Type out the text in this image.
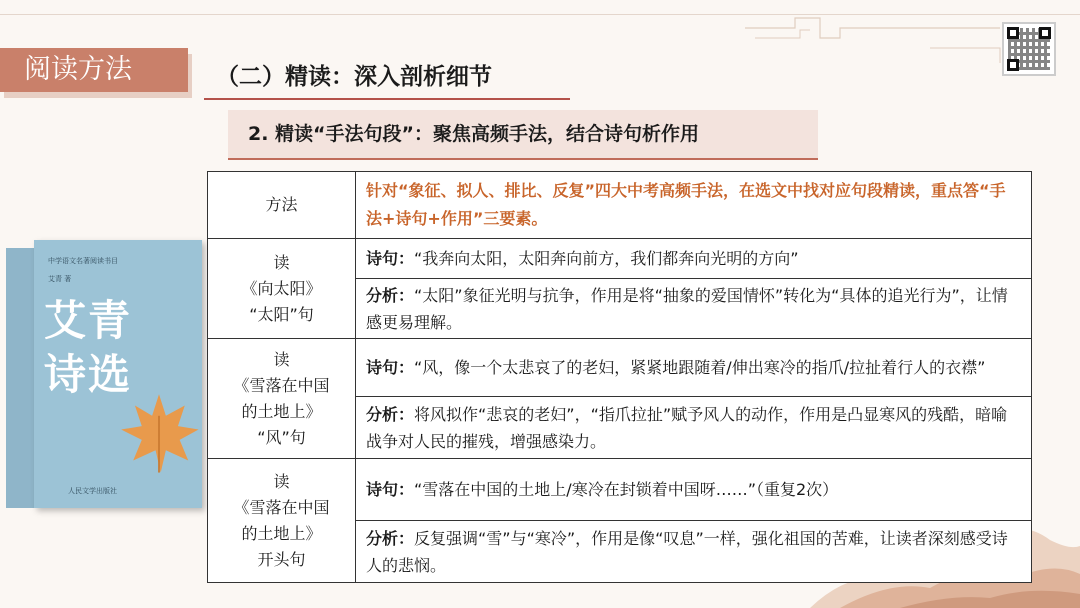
阅读方法	（二）精读：深入剖析细节
2. 精读“手法句段”：聚焦高频手法，结合诗句析作用
中学语文名著阅读书目
艾青 著
艾青诗选
人民文学出版社
方法	针对“象征、拟人、排比、反复”四大中考高频手法，在选文中找对应句段精读，重点答“手法+诗句+作用”三要素。

读
《向太阳》
“太阳”句	诗句：“我奔向太阳，太阳奔向前方，我们都奔向光明的方向”
	分析：“太阳”象征光明与抗争，作用是将“抽象的爱国情怀”转化为“具体的追光行为”，让情感更易理解。

读
《雪落在中国
的土地上》
“风”句	诗句：“风，像一个太悲哀了的老妇，紧紧地跟随着/伸出寒冷的指爪/拉扯着行人的衣襟”
	分析：将风拟作“悲哀的老妇”，“指爪拉扯”赋予风人的动作，作用是凸显寒风的残酷，暗喻战争对人民的摧残，增强感染力。

读
《雪落在中国
的土地上》
开头句	诗句：“雪落在中国的土地上/寒冷在封锁着中国呀……”（重复2次）
	分析：反复强调“雪”与“寒冷”，作用是像“叹息”一样，强化祖国的苦难，让读者深刻感受诗人的悲悯。
